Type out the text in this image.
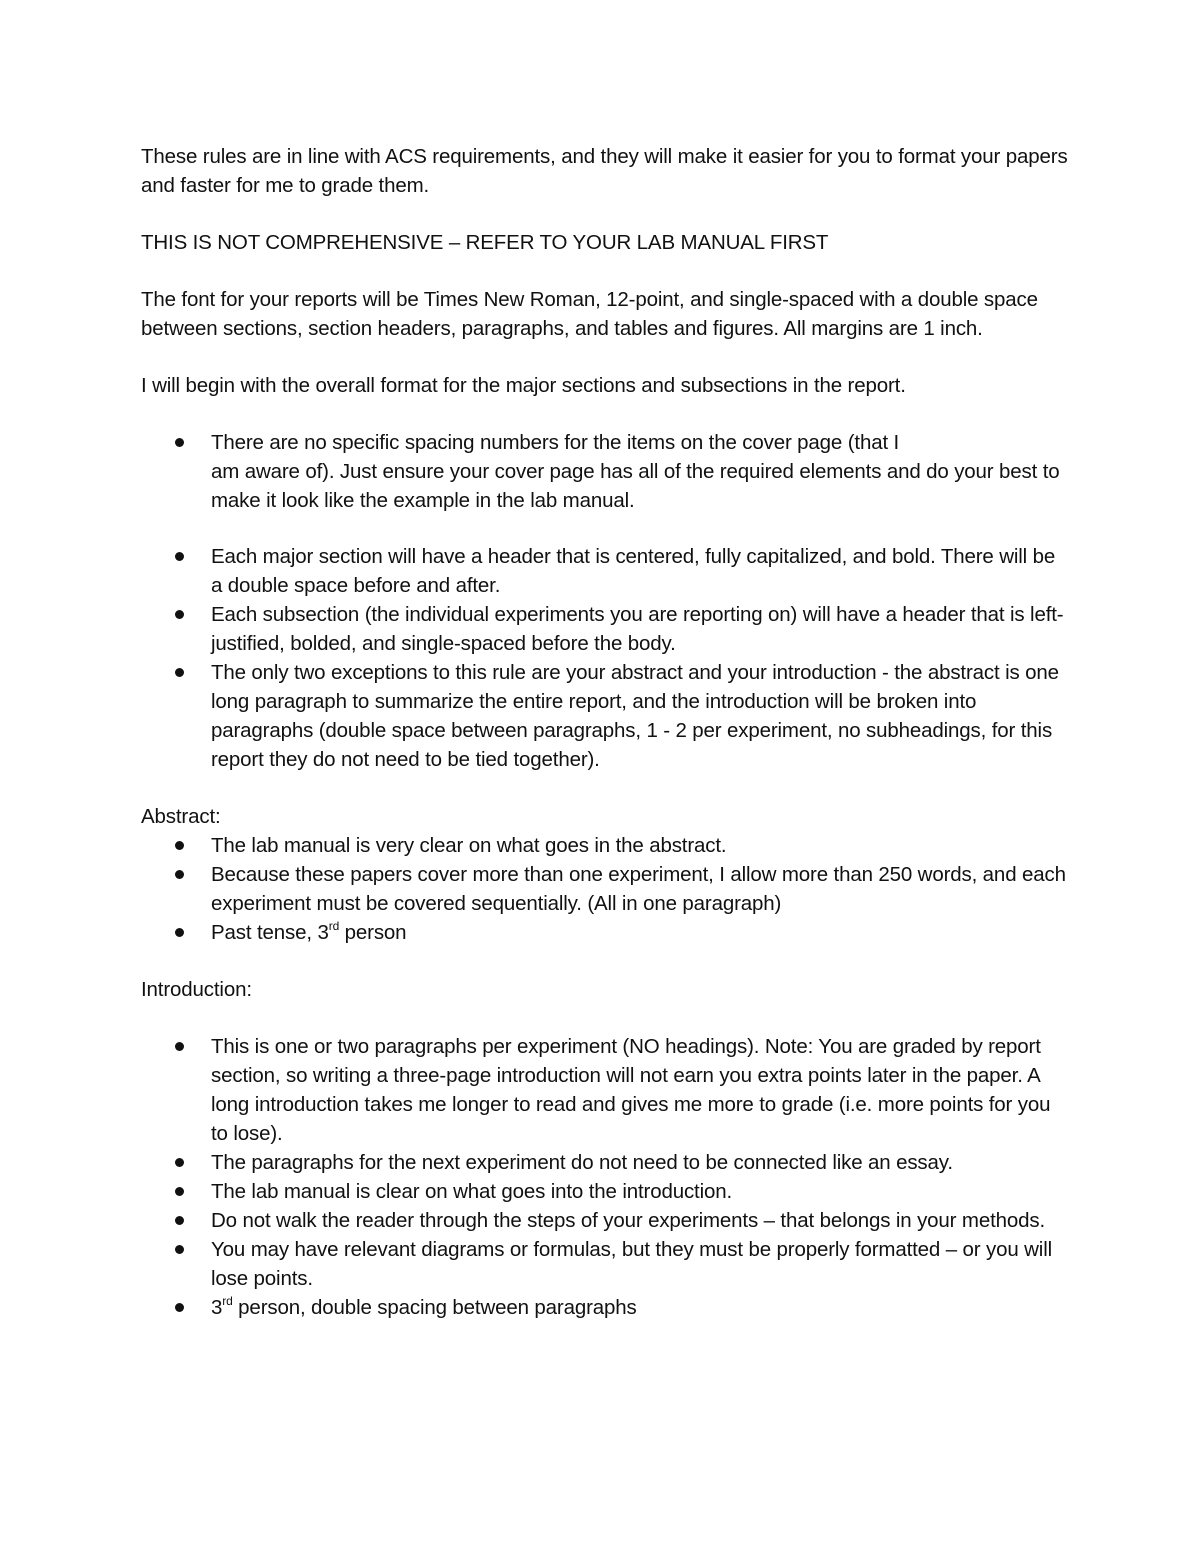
These rules are in line with ACS requirements, and they will make it easier for you to format your papers and faster for me to grade them.

THIS IS NOT COMPREHENSIVE – REFER TO YOUR LAB MANUAL FIRST

The font for your reports will be Times New Roman, 12-point, and single-spaced with a double space between sections, section headers, paragraphs, and tables and figures. All margins are 1 inch.

I will begin with the overall format for the major sections and subsections in the report.

There are no specific spacing numbers for the items on the cover page (that I
am aware of). Just ensure your cover page has all of the required elements and do your best to make it look like the example in the lab manual.
Each major section will have a header that is centered, fully capitalized, and bold. There will be a double space before and after.
Each subsection (the individual experiments you are reporting on) will have a header that is left-justified, bolded, and single-spaced before the body.
The only two exceptions to this rule are your abstract and your introduction - the abstract is one long paragraph to summarize the entire report, and the introduction will be broken into paragraphs (double space between paragraphs, 1 - 2 per experiment, no subheadings, for this report they do not need to be tied together).

Abstract:

The lab manual is very clear on what goes in the abstract.
Because these papers cover more than one experiment, I allow more than 250 words, and each experiment must be covered sequentially. (All in one paragraph)
Past tense, 3rd person

Introduction:

This is one or two paragraphs per experiment (NO headings). Note: You are graded by report section, so writing a three-page introduction will not earn you extra points later in the paper. A long introduction takes me longer to read and gives me more to grade (i.e. more points for you to lose).
The paragraphs for the next experiment do not need to be connected like an essay.
The lab manual is clear on what goes into the introduction.
Do not walk the reader through the steps of your experiments – that belongs in your methods.
You may have relevant diagrams or formulas, but they must be properly formatted – or you will lose points.
3rd person, double spacing between paragraphs
